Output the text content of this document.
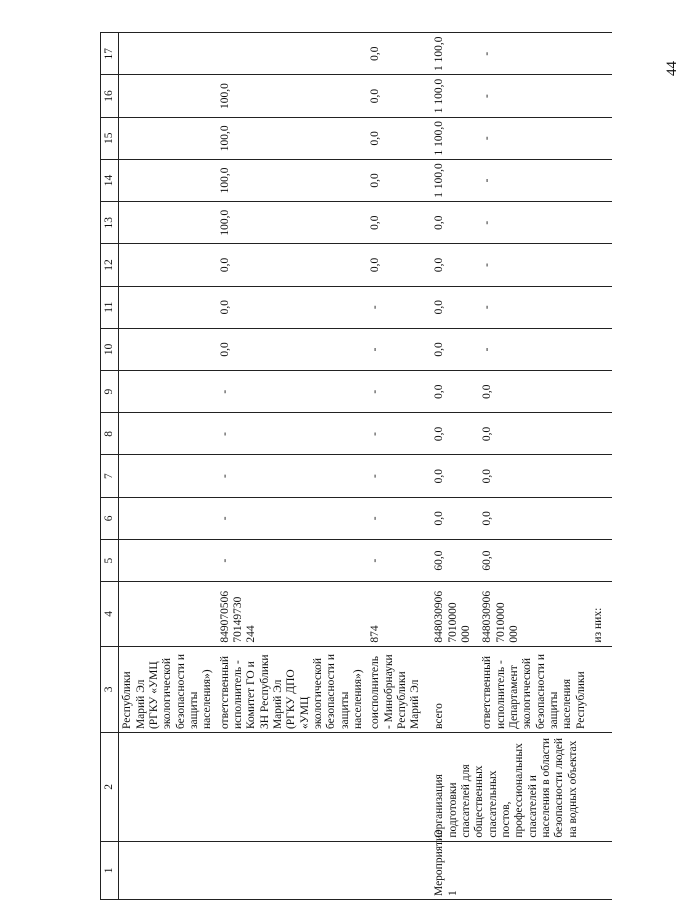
44
1	2	3	4	5	6	7	8	9	10	11	12	13	14	15	16	17
		Республики Марий Эл (РГКУ «УМЦ экологической безопасности и защиты населения»)														
		ответственный исполнитель - Комитет ГО и ЗН Республики Марий Эл (РГКУ ДПО «УМЦ экологической безопасности и защиты населения»)	849070506 70149730 244	-	-	-	-	-	0,0	0,0	0,0	100,0	100,0	100,0	100,0	
		соисполнитель - Минобрнауки Республики Марий Эл	874	-	-	-	-	-	-	-	0,0	0,0	0,0	0,0	0,0	0,0
Мероприятие 1	Организация подготовки спасателей для общественных спасательных постов, профессиональных спасателей и населения в области безопасности людей на водных объектах	всего	848030906 7010000 000	60,0	0,0	0,0	0,0	0,0	0,0	0,0	0,0	0,0	1 100,0	1 100,0	1 100,0	1 100,0
		ответственный исполнитель - Департамент экологической безопасности и защиты населения Республики	848030906 7010000 000	60,0	0,0	0,0	0,0	0,0	-	-	-	-	-	-	-	-
			из них:													
